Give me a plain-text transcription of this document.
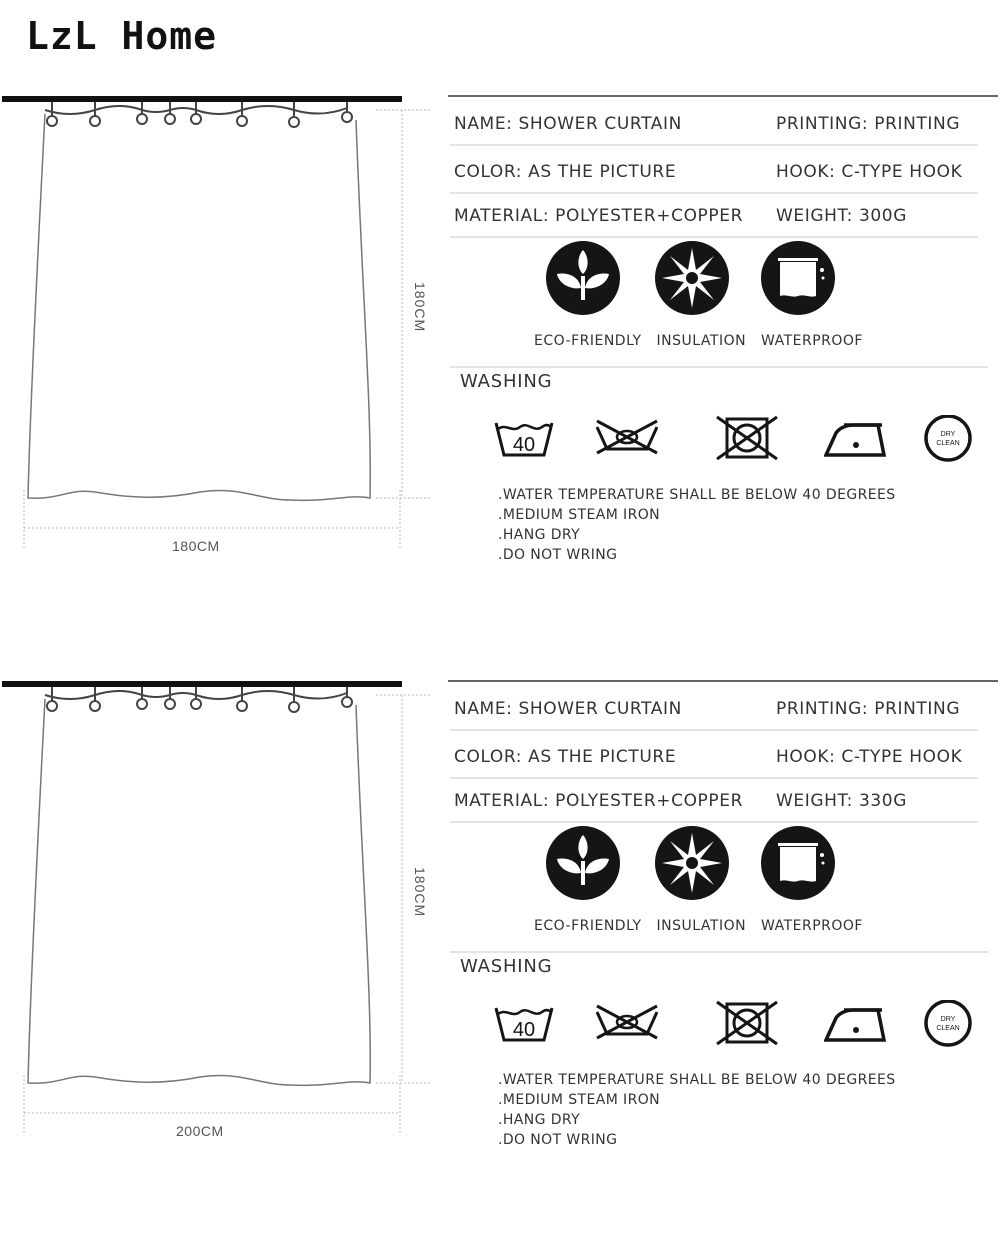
LzL Home
180CM
180CM
NAME: SHOWER CURTAIN	PRINTING: PRINTING
COLOR: AS THE PICTURE	HOOK: C-TYPE HOOK
MATERIAL: POLYESTER+COPPER WEIGHT: 300G
ECO-FRIENDLY INSULATION WATERPROOF
WASHING
40	DRY
CLEAN
.WATER TEMPERATURE SHALL BE BELOW 40 DEGREES
.MEDIUM STEAM IRON
.HANG DRY
.DO NOT WRING
180CM
200CM
NAME: SHOWER CURTAIN	PRINTING: PRINTING
COLOR: AS THE PICTURE	HOOK: C-TYPE HOOK
MATERIAL: POLYESTER+COPPER WEIGHT: 330G
ECO-FRIENDLY INSULATION WATERPROOF
WASHING
40	DRY
CLEAN
.WATER TEMPERATURE SHALL BE BELOW 40 DEGREES
.MEDIUM STEAM IRON
.HANG DRY
.DO NOT WRING
